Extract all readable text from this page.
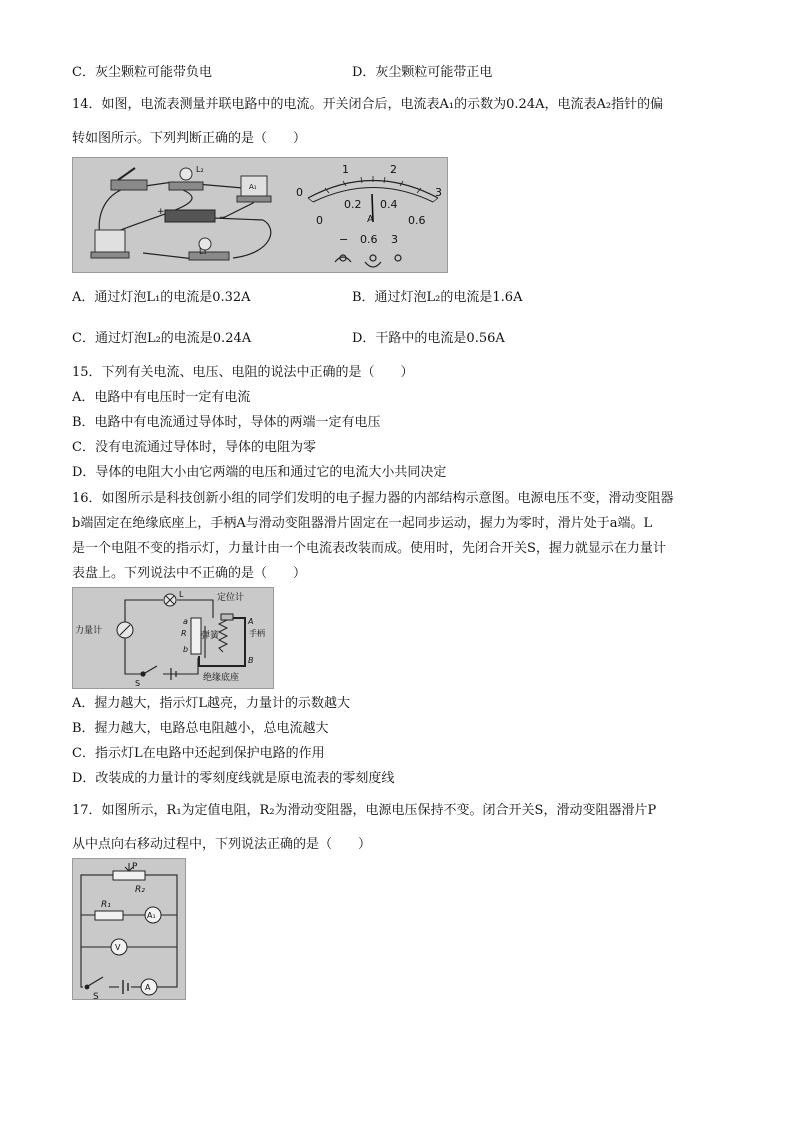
C．灰尘颗粒可能带负电	D．灰尘颗粒可能带正电
14．如图，电流表测量并联电路中的电流。开关闭合后，电流表A₁的示数为0.24A，电流表A₂指针的偏
转如图所示。下列判断正确的是（　　）
L₂
A₁
+
−
L₁
0
1	2
3
0
0.2 0.4
0.6
A
− 0.6 3
A．通过灯泡L₁的电流是0.32A	B．通过灯泡L₂的电流是1.6A
C．通过灯泡L₂的电流是0.24A	D．干路中的电流是0.56A
15．下列有关电流、电压、电阻的说法中正确的是（　　）
A．电路中有电压时一定有电流
B．电路中有电流通过导体时，导体的两端一定有电压
C．没有电流通过导体时，导体的电阻为零
D．导体的电阻大小由它两端的电压和通过它的电流大小共同决定
16．如图所示是科技创新小组的同学们发明的电子握力器的内部结构示意图。电源电压不变，滑动变阻器
b端固定在绝缘底座上，手柄A与滑动变阻器滑片固定在一起同步运动，握力为零时，滑片处于a端。L
是一个电阻不变的指示灯，力量计由一个电流表改装而成。使用时，先闭合开关S，握力就显示在力量计
表盘上。下列说法中不正确的是（　　）
L	定位计
力量计
S
a
R
b
弹簧
A
手柄
B
绝缘底座
A．握力越大，指示灯L越亮，力量计的示数越大
B．握力越大，电路总电阻越小，总电流越大
C．指示灯L在电路中还起到保护电路的作用
D．改装成的力量计的零刻度线就是原电流表的零刻度线
17．如图所示，R₁为定值电阻，R₂为滑动变阻器，电源电压保持不变。闭合开关S，滑动变阻器滑片P
从中点向右移动过程中，下列说法正确的是（　　）
P
R₂
R₁
A₁
V
A
S
